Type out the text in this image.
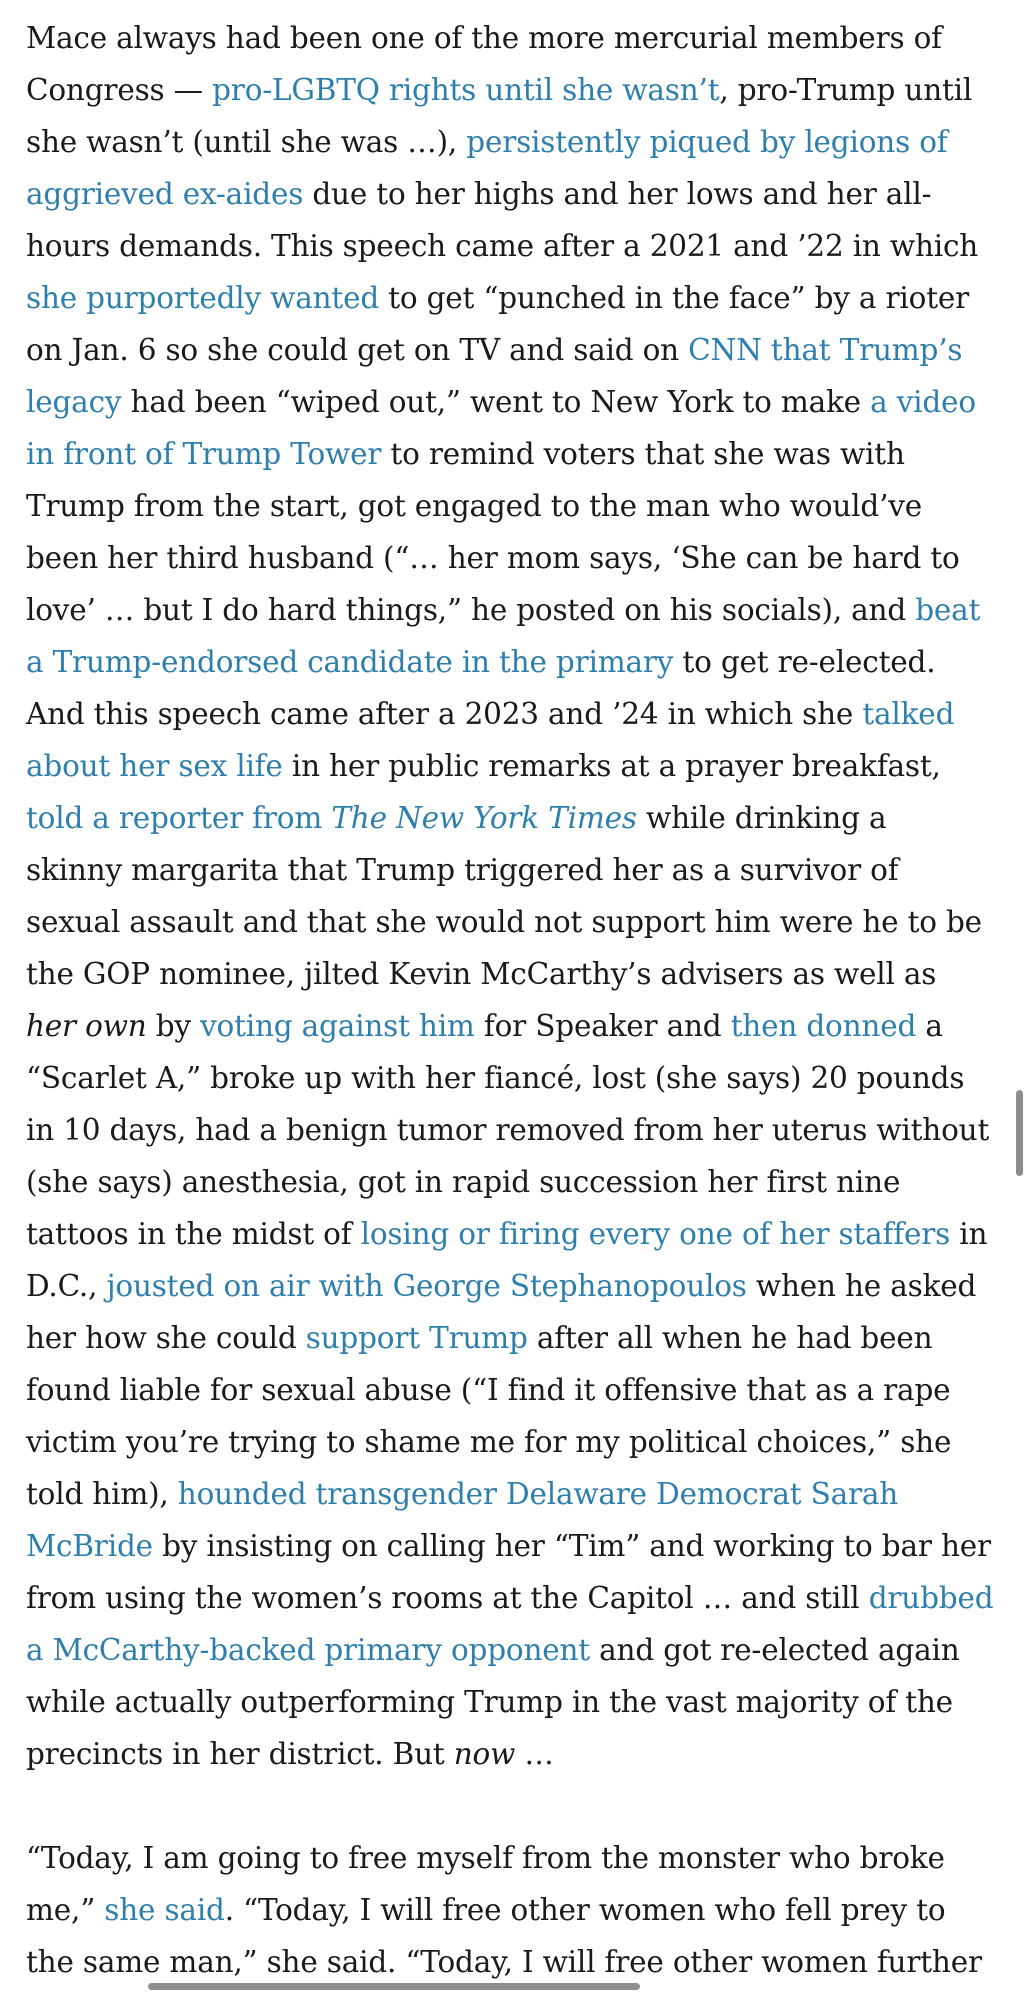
Mace always had been one of the more mercurial members of
Congress — pro-LGBTQ rights until she wasn’t, pro-Trump until
she wasn’t (until she was …), persistently piqued by legions of
aggrieved ex-aides due to her highs and her lows and her all-
hours demands. This speech came after a 2021 and ’22 in which
she purportedly wanted to get “punched in the face” by a rioter
on Jan. 6 so she could get on TV and said on CNN that Trump’s
legacy had been “wiped out,” went to New York to make a video
in front of Trump Tower to remind voters that she was with
Trump from the start, got engaged to the man who would’ve
been her third husband (“… her mom says, ‘She can be hard to
love’ … but I do hard things,” he posted on his socials), and beat
a Trump-endorsed candidate in the primary to get re-elected.
And this speech came after a 2023 and ’24 in which she talked
about her sex life in her public remarks at a prayer breakfast,
told a reporter from The New York Times while drinking a
skinny margarita that Trump triggered her as a survivor of
sexual assault and that she would not support him were he to be
the GOP nominee, jilted Kevin McCarthy’s advisers as well as
her own by voting against him for Speaker and then donned a
“Scarlet A,” broke up with her fiancé, lost (she says) 20 pounds
in 10 days, had a benign tumor removed from her uterus without
(she says) anesthesia, got in rapid succession her first nine
tattoos in the midst of losing or firing every one of her staffers in
D.C., jousted on air with George Stephanopoulos when he asked
her how she could support Trump after all when he had been
found liable for sexual abuse (“I find it offensive that as a rape
victim you’re trying to shame me for my political choices,” she
told him), hounded transgender Delaware Democrat Sarah
McBride by insisting on calling her “Tim” and working to bar her
from using the women’s rooms at the Capitol … and still drubbed
a McCarthy-backed primary opponent and got re-elected again
while actually outperforming Trump in the vast majority of the
precincts in her district. But now …

“Today, I am going to free myself from the monster who broke
me,” she said. “Today, I will free other women who fell prey to
the same man,” she said. “Today, I will free other women further
